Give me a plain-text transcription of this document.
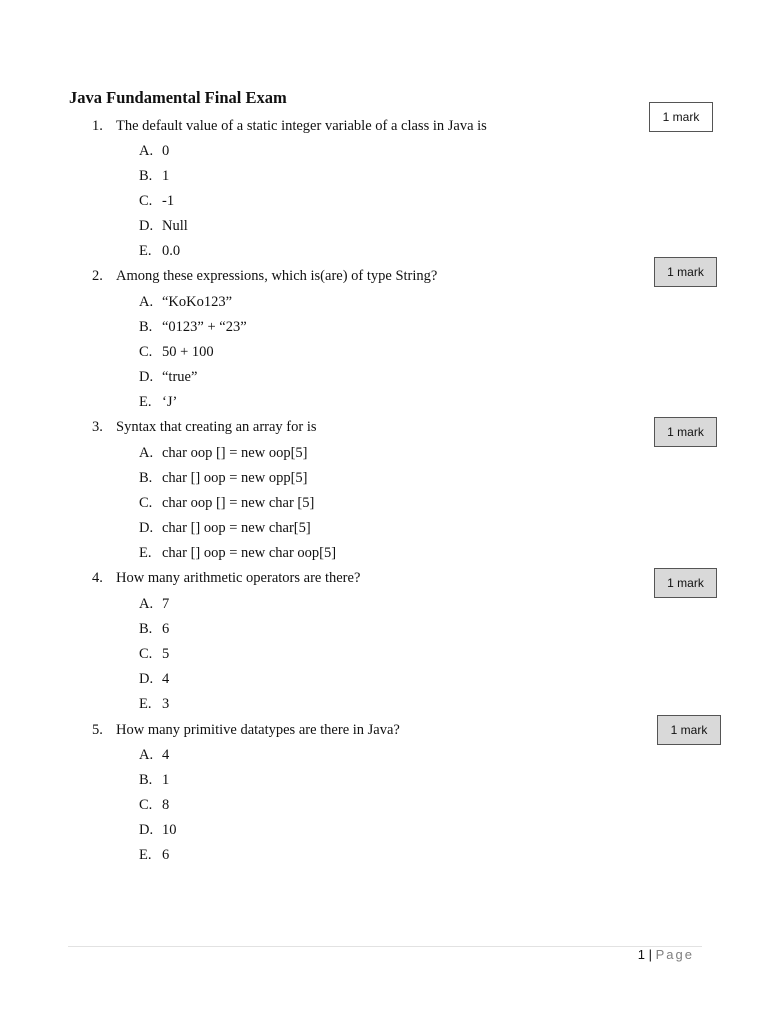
Java Fundamental Final Exam
1. The default value of a static integer variable of a class in Java is
1 mark
A. 0
B. 1
C. -1
D. Null
E. 0.0
2. Among these expressions, which is(are) of type String?	1 mark
A. “KoKo123”
B. “0123” + “23”
C. 50 + 100
D. “true”
E. ‘J’
3. Syntax that creating an array for is	1 mark
A. char oop [] = new oop[5]
B. char [] oop = new opp[5]
C. char oop [] = new char [5]
D. char [] oop = new char[5]
E. char [] oop = new char oop[5]
4. How many arithmetic operators are there?	1 mark
A. 7
B. 6
C. 5
D. 4
E. 3
5. How many primitive datatypes are there in Java?	1 mark
A. 4
B. 1
C. 8
D. 10
E. 6
1 | Page
